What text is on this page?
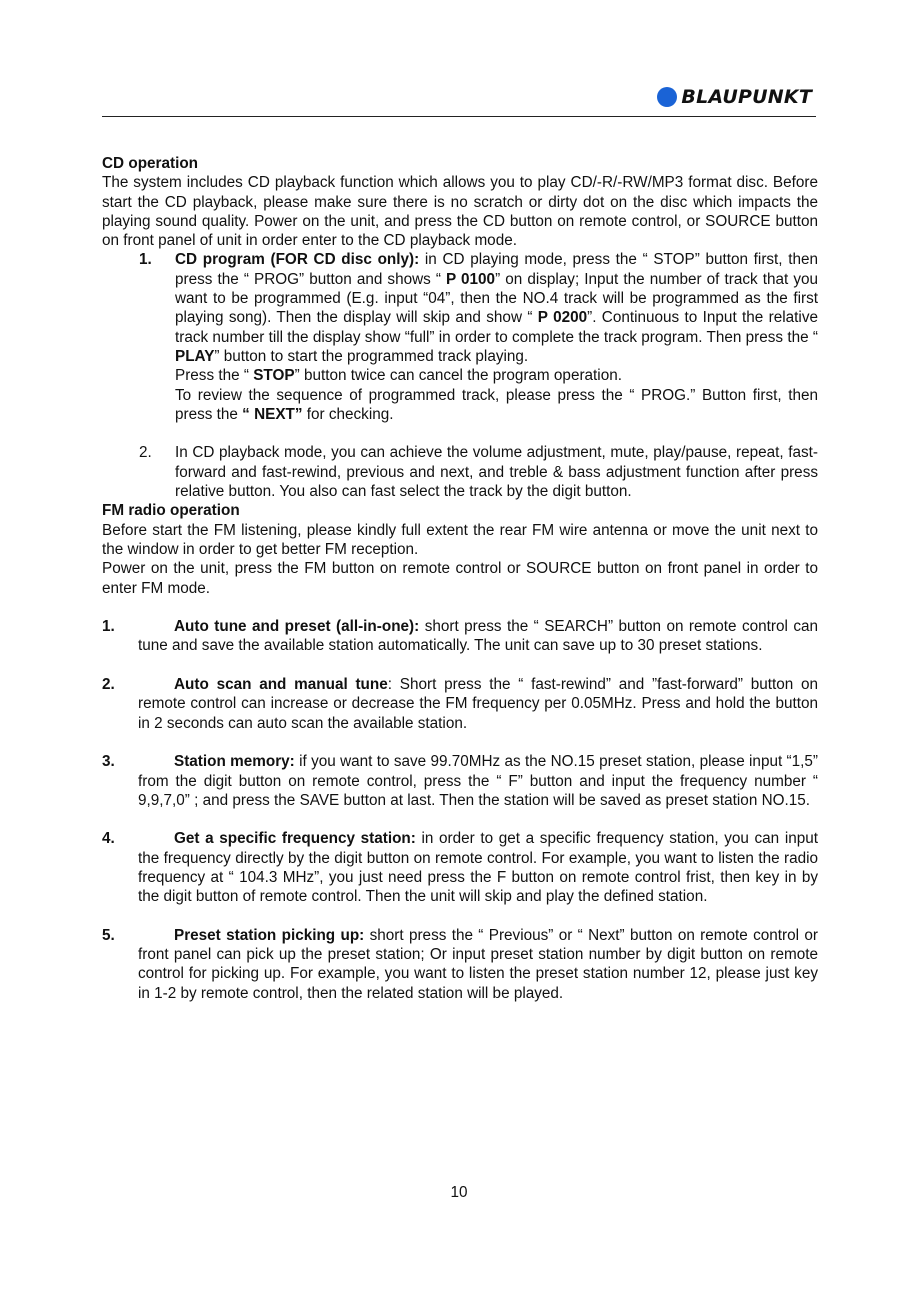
BLAUPUNKT
CD operation

The system includes CD playback function which allows you to play CD/-R/-RW/MP3 format disc. Before start the CD playback, please make sure there is no scratch or dirty dot on the disc which impacts the playing sound quality. Power on the unit, and press the CD button on remote control, or SOURCE button on front panel of unit in order enter to the CD playback mode.

1.	CD program (FOR CD disc only): in CD playing mode, press the “ STOP” button first, then press the “ PROG” button and shows “ P 0100” on display; Input the number of track that you want to be programmed (E.g. input “04”, then the NO.4 track will be programmed as the first playing song). Then the display will skip and show “ P 0200”. Continuous to Input the relative track number till the display show “full” in order to complete the track program. Then press the “ PLAY” button to start the programmed track playing.

Press the “ STOP” button twice can cancel the program operation.

To review the sequence of programmed track, please press the “ PROG.” Button first, then press the “ NEXT” for checking.

2.	In CD playback mode, you can achieve the volume adjustment, mute, play/pause, repeat, fast-forward and fast-rewind, previous and next, and treble & bass adjustment function after press relative button. You also can fast select the track by the digit button.
FM radio operation

Before start the FM listening, please kindly full extent the rear FM wire antenna or move the unit next to the window in order to get better FM reception.

Power on the unit, press the FM button on remote control or SOURCE button on front panel in order to enter FM mode.

1.	Auto tune and preset (all-in-one): short press the “ SEARCH” button on remote control can tune and save the available station automatically. The unit can save up to 30 preset stations.

2.	Auto scan and manual tune: Short press the “ fast-rewind” and ”fast-forward” button on remote control can increase or decrease the FM frequency per 0.05MHz. Press and hold the button in 2 seconds can auto scan the available station.

3.	Station memory: if you want to save 99.70MHz as the NO.15 preset station, please input “1,5” from the digit button on remote control, press the “ F” button and input the frequency number “ 9,9,7,0” ; and press the SAVE button at last. Then the station will be saved as preset station NO.15.

4.	Get a specific frequency station: in order to get a specific frequency station, you can input the frequency directly by the digit button on remote control. For example, you want to listen the radio frequency at “ 104.3 MHz”, you just need press the F button on remote control frist, then key in by the digit button of remote control. Then the unit will skip and play the defined station.

5.	Preset station picking up: short press the “ Previous” or “ Next” button on remote control or front panel can pick up the preset station; Or input preset station number by digit button on remote control for picking up. For example, you want to listen the preset station number 12, please just key in 1-2 by remote control, then the related station will be played.

10
